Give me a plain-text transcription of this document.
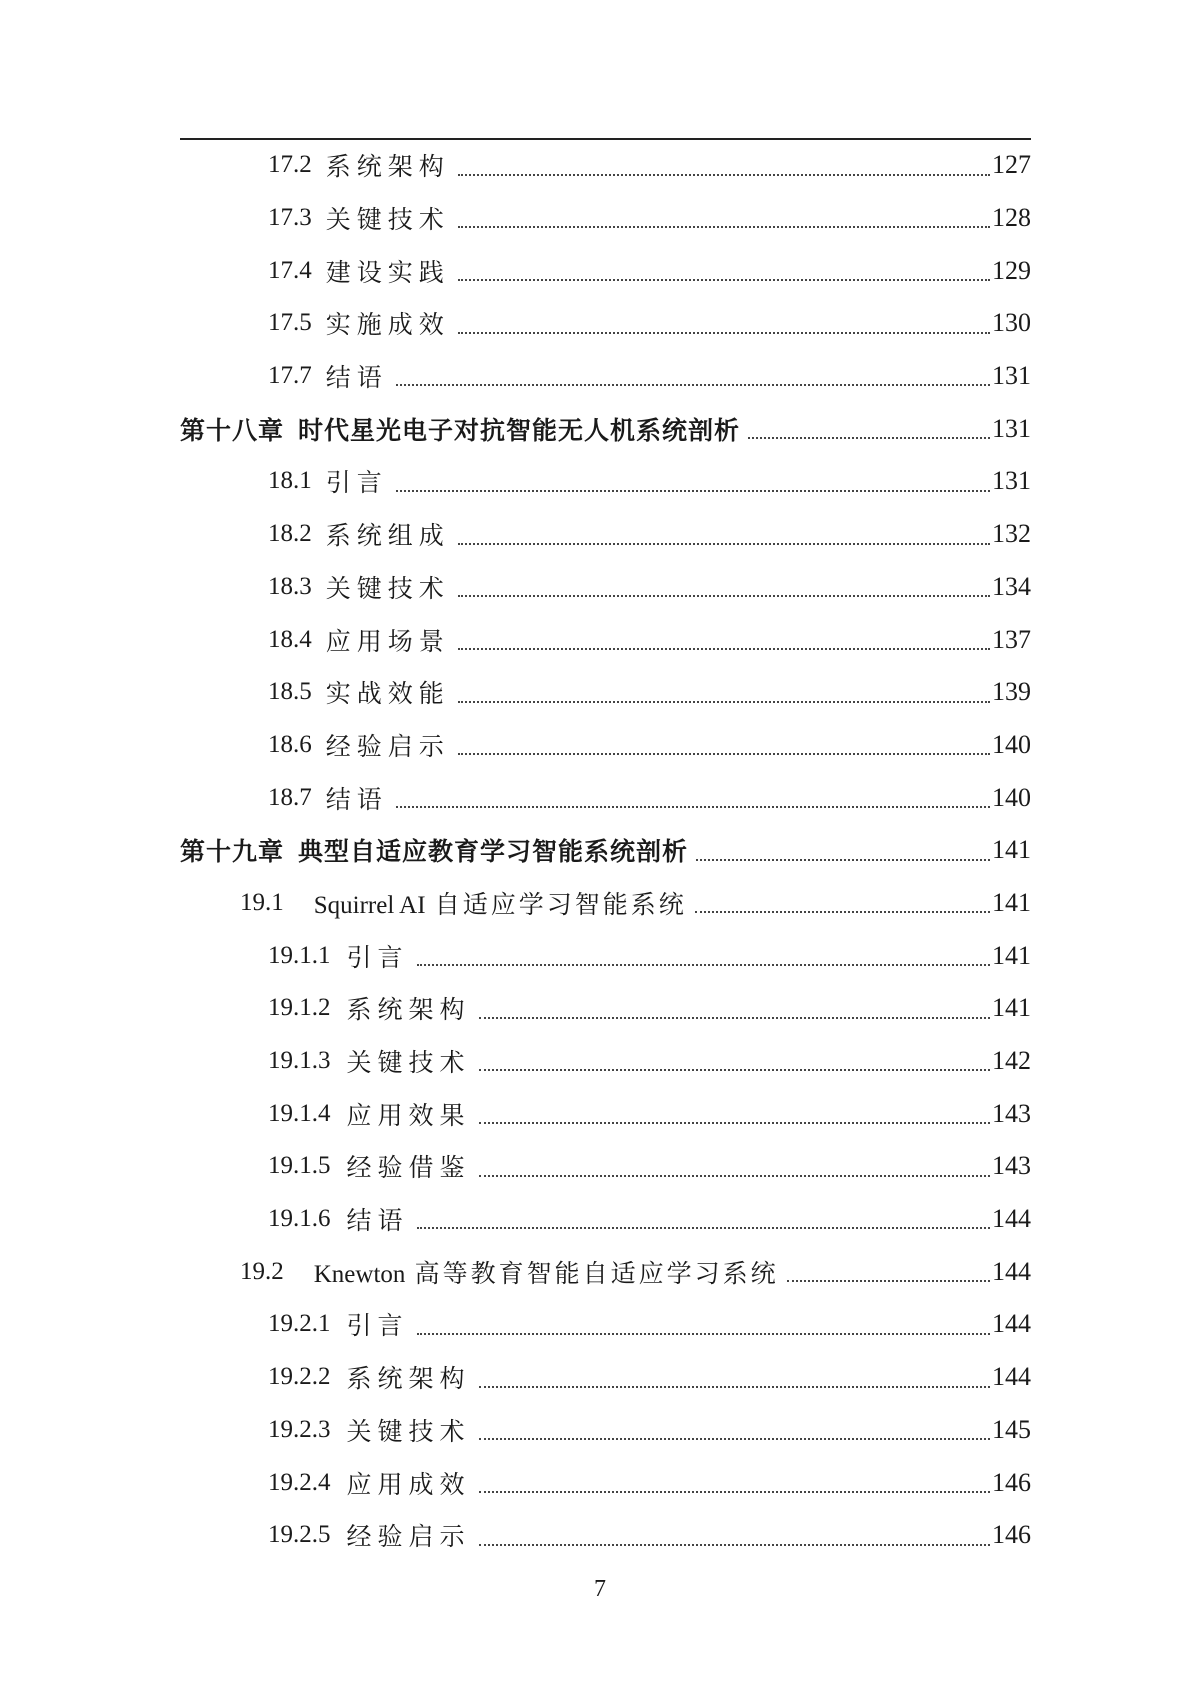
17.2 系统架构	127
17.3 关键技术	128
17.4 建设实践	129
17.5 实施成效	130
17.7 结语	131
第十八章 时代星光电子对抗智能无人机系统剖析	131
18.1 引言	131
18.2 系统组成	132
18.3 关键技术	134
18.4 应用场景	137
18.5 实战效能	139
18.6 经验启示	140
18.7 结语	140
第十九章 典型自适应教育学习智能系统剖析	141
19.1 Squirrel AI 自适应学习智能系统	141
19.1.1 引言	141
19.1.2 系统架构	141
19.1.3 关键技术	142
19.1.4 应用效果	143
19.1.5 经验借鉴	143
19.1.6 结语	144
19.2 Knewton 高等教育智能自适应学习系统	144
19.2.1 引言	144
19.2.2 系统架构	144
19.2.3 关键技术	145
19.2.4 应用成效	146
19.2.5 经验启示	146
7
